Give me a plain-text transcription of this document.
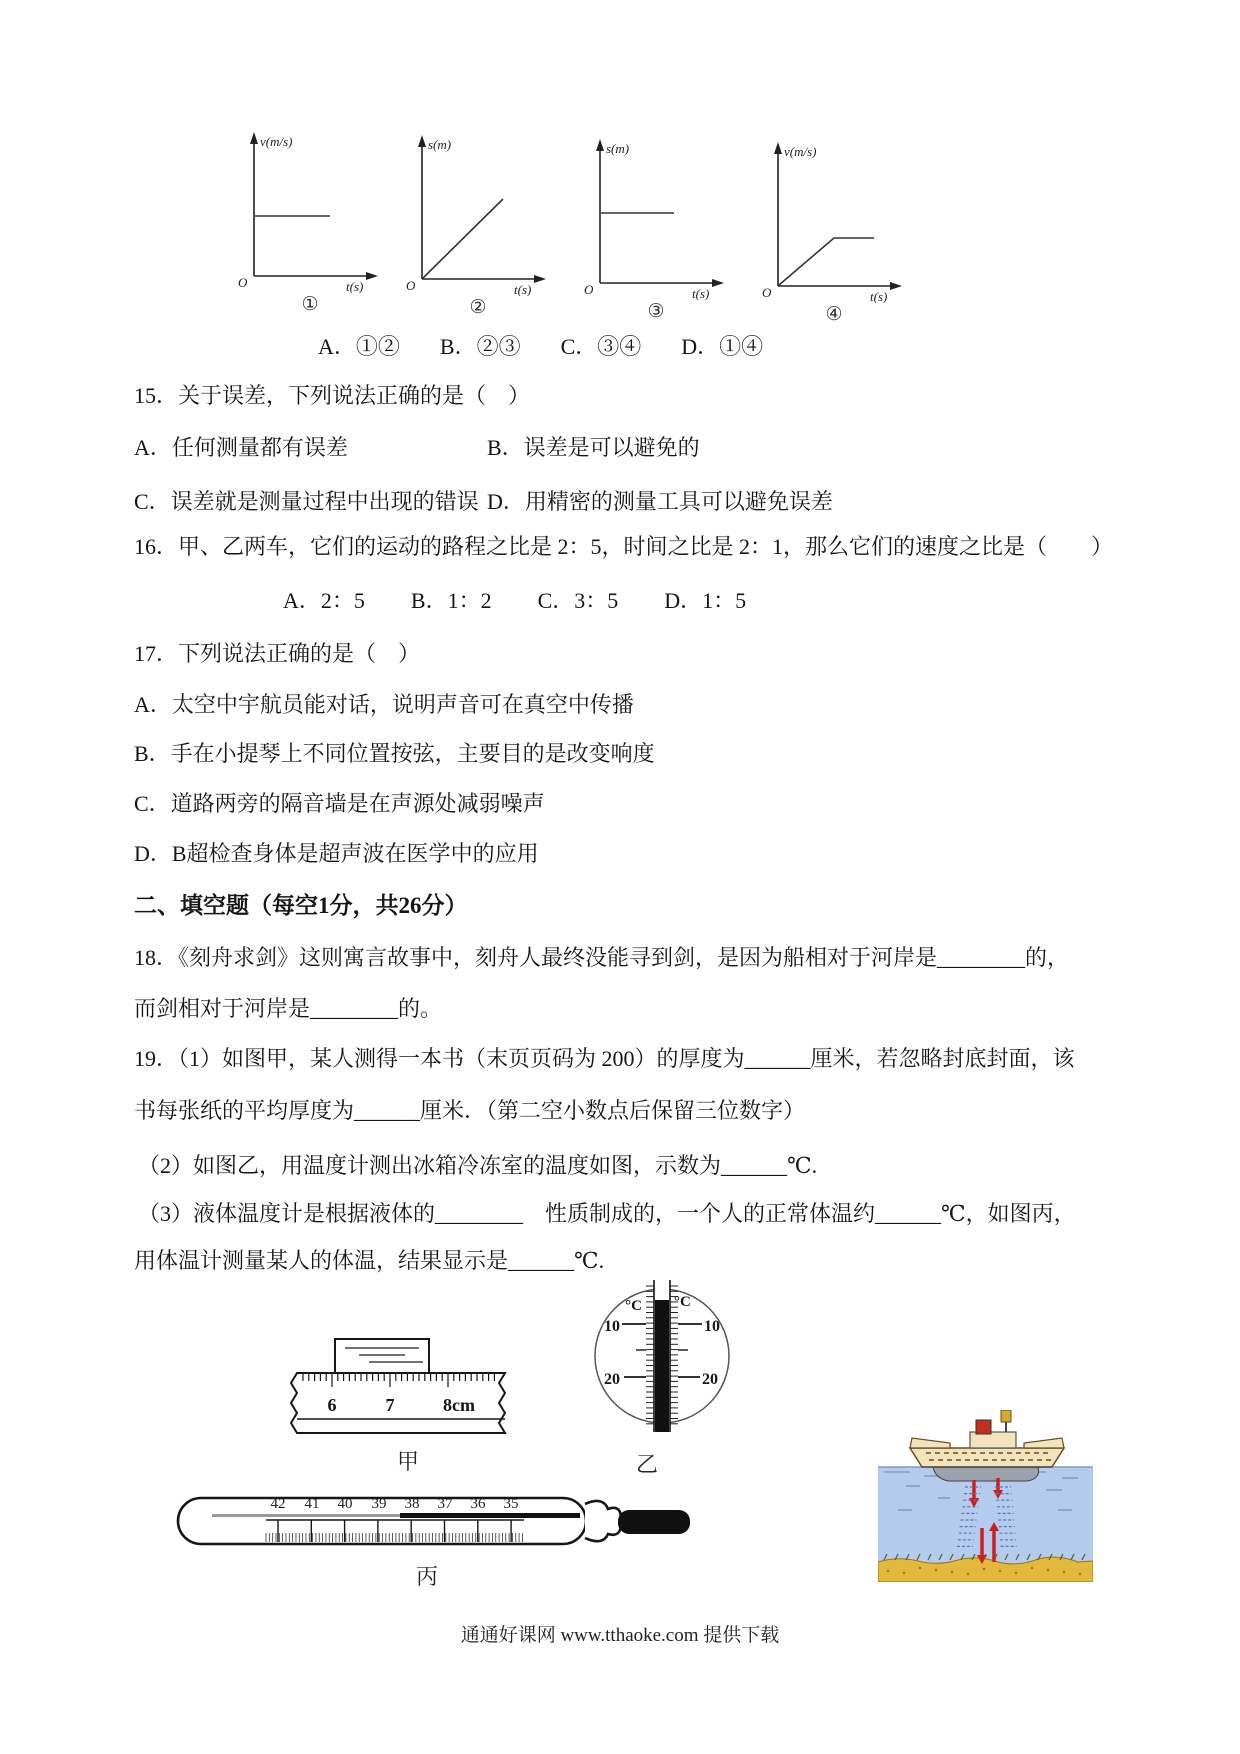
v(m/s)
t(s)
O
①
s(m)
t(s)
O
②
s(m)
t(s)
O
③
v(m/s)
t(s)
O
④
A．①② B．②③ C．③④ D．①④
15．关于误差，下列说法正确的是（　）
A．任何测量都有误差	B．误差是可以避免的
C．误差就是测量过程中出现的错误 D．用精密的测量工具可以避免误差
16．甲、乙两车，它们的运动的路程之比是 2：5，时间之比是 2：1，那么它们的速度之比是（　　）
A．2：5 B．1：2 C．3：5 D．1：5
17．下列说法正确的是（　）
A．太空中宇航员能对话，说明声音可在真空中传播
B．手在小提琴上不同位置按弦，主要目的是改变响度
C．道路两旁的隔音墙是在声源处减弱噪声
D．B超检查身体是超声波在医学中的应用
二、填空题（每空1分，共26分）
18．《刻舟求剑》这则寓言故事中，刻舟人最终没能寻到剑，是因为船相对于河岸是________的，
而剑相对于河岸是________的。
19．（1）如图甲，某人测得一本书（末页页码为 200）的厚度为______厘米，若忽略封底封面，该
书每张纸的平均厚度为______厘米．（第二空小数点后保留三位数字）
（2）如图乙，用温度计测出冰箱冷冻室的温度如图，示数为______℃.
（3）液体温度计是根据液体的________　性质制成的，一个人的正常体温约______℃，如图丙，
用体温计测量某人的体温，结果显示是______℃.
6	7	8cm
甲
°C °C
10	10
20	20
乙
42 41 40 39 38 37 36 35
丙
通通好课网 www.tthaoke.com 提供下载
